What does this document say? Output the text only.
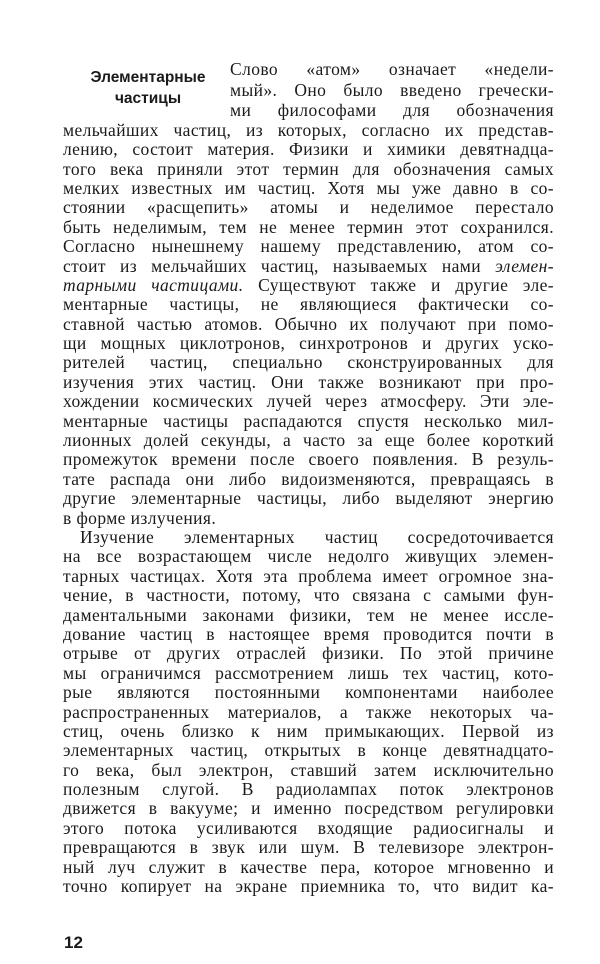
Элементарные
частицы
Слово «атом» означает «недели-
мый». Оно было введено гречески-
ми философами для обозначения
мельчайших частиц, из которых, согласно их представ-
лению, состоит материя. Физики и химики девятнадца-
того века приняли этот термин для обозначения самых
мелких известных им частиц. Хотя мы уже давно в со-
стоянии «расщепить» атомы и неделимое перестало
быть неделимым, тем не менее термин этот сохранился.
Согласно нынешнему нашему представлению, атом со-
стоит из мельчайших частиц, называемых нами элемен-
тарными частицами. Существуют также и другие эле-
ментарные частицы, не являющиеся фактически со-
ставной частью атомов. Обычно их получают при помо-
щи мощных циклотронов, синхротронов и других уско-
рителей частиц, специально сконструированных для
изучения этих частиц. Они также возникают при про-
хождении космических лучей через атмосферу. Эти эле-
ментарные частицы распадаются спустя несколько мил-
лионных долей секунды, а часто за еще более короткий
промежуток времени после своего появления. В резуль-
тате распада они либо видоизменяются, превращаясь в
другие элементарные частицы, либо выделяют энергию
в форме излучения.
Изучение элементарных частиц сосредоточивается
на все возрастающем числе недолго живущих элемен-
тарных частицах. Хотя эта проблема имеет огромное зна-
чение, в частности, потому, что связана с самыми фун-
даментальными законами физики, тем не менее иссле-
дование частиц в настоящее время проводится почти в
отрыве от других отраслей физики. По этой причине
мы ограничимся рассмотрением лишь тех частиц, кото-
рые являются постоянными компонентами наиболее
распространенных материалов, а также некоторых ча-
стиц, очень близко к ним примыкающих. Первой из
элементарных частиц, открытых в конце девятнадцато-
го века, был электрон, ставший затем исключительно
полезным слугой. В радиолампах поток электронов
движется в вакууме; и именно посредством регулировки
этого потока усиливаются входящие радиосигналы и
превращаются в звук или шум. В телевизоре электрон-
ный луч служит в качестве пера, которое мгновенно и
точно копирует на экране приемника то, что видит ка-
12
